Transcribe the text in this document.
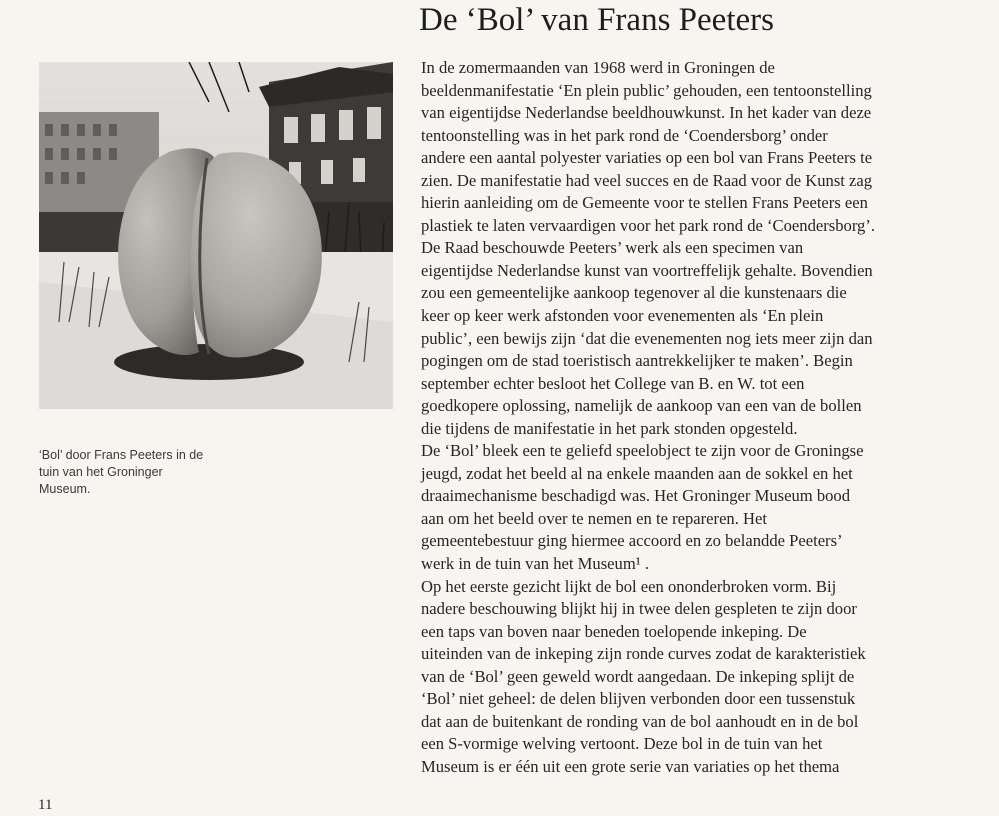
‘Bol’ door Frans Peeters in de tuin van het Groninger Museum.
De ‘Bol’ van Frans Peeters
In de zomermaanden van 1968 werd in Groningen de
beeldenmanifestatie ‘En plein public’ gehouden, een tentoonstelling
van eigentijdse Nederlandse beeldhouwkunst. In het kader van deze
tentoonstelling was in het park rond de ‘Coendersborg’ onder
andere een aantal polyester variaties op een bol van Frans Peeters te
zien. De manifestatie had veel succes en de Raad voor de Kunst zag
hierin aanleiding om de Gemeente voor te stellen Frans Peeters een
plastiek te laten vervaardigen voor het park rond de ‘Coendersborg’.
De Raad beschouwde Peeters’ werk als een specimen van
eigentijdse Nederlandse kunst van voortreffelijk gehalte. Bovendien
zou een gemeentelijke aankoop tegenover al die kunstenaars die
keer op keer werk afstonden voor evenementen als ‘En plein
public’, een bewijs zijn ‘dat die evenementen nog iets meer zijn dan
pogingen om de stad toeristisch aantrekkelijker te maken’. Begin
september echter besloot het College van B. en W. tot een
goedkopere oplossing, namelijk de aankoop van een van de bollen
die tijdens de manifestatie in het park stonden opgesteld.
De ‘Bol’ bleek een te geliefd speelobject te zijn voor de Groningse
jeugd, zodat het beeld al na enkele maanden aan de sokkel en het
draaimechanisme beschadigd was. Het Groninger Museum bood
aan om het beeld over te nemen en te repareren. Het
gemeentebestuur ging hiermee accoord en zo belandde Peeters’
werk in de tuin van het Museum¹ .
Op het eerste gezicht lijkt de bol een ononderbroken vorm. Bij
nadere beschouwing blijkt hij in twee delen gespleten te zijn door
een taps van boven naar beneden toelopende inkeping. De
uiteinden van de inkeping zijn ronde curves zodat de karakteristiek
van de ‘Bol’ geen geweld wordt aangedaan. De inkeping splijt de
‘Bol’ niet geheel: de delen blijven verbonden door een tussenstuk
dat aan de buitenkant de ronding van de bol aanhoudt en in de bol
een S-vormige welving vertoont. Deze bol in de tuin van het
Museum is er één uit een grote serie van variaties op het thema
11
